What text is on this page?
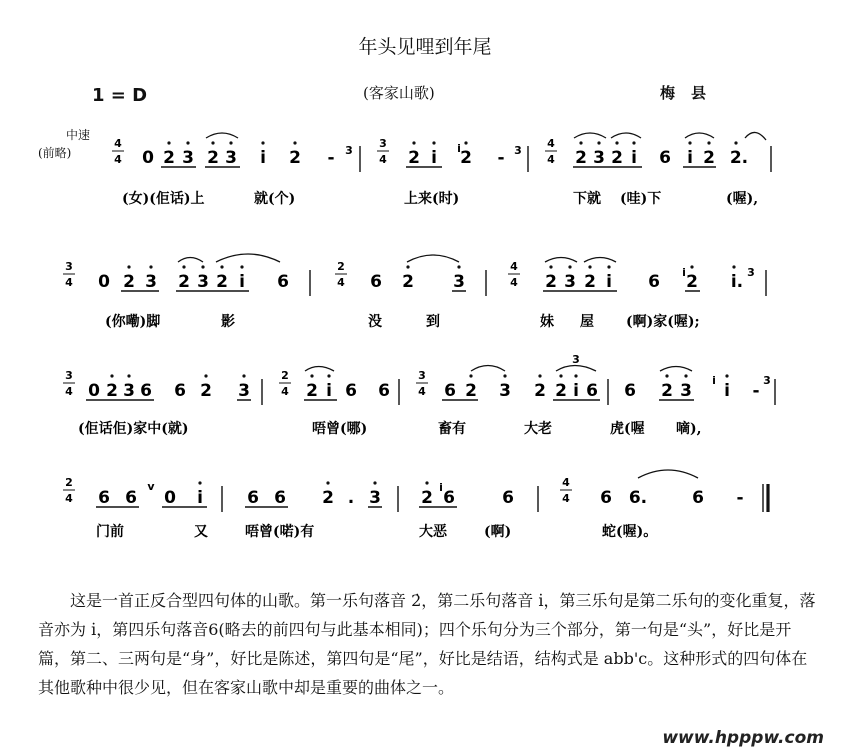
年头见哩到年尾
1 = D	(客家山歌)	梅县
中速
(前略)
4
4 0 2 3 2 3 i 2 - 3
3
4 2 i 2 -
i	3
4
4 2 3 2 i 6 i 2 2.
(女)(佢话)上	就(个)	上来(时)	下就 (哇)下	(喔),
3
4 0 2 3 2 3 2 i 6
2
4 6 2 3
4
4 2 3 2 i 6 2 i.
i	3
(你嘞)脚	影	没	到	妹 屋 (啊)家(喔);
3
4 0 2 3 6 6 2 3
2
4 2 i 6 6
3
4 6 2 3 2 2 i 6
3
6 2 3 i -
i	3
(佢话佢)家中(就)	唔曾(哪)	畜有	大老	虎(喔 嘀),
2
4 6 6
v
0 i	6 6 2 . 3 2 6	6
i	4
4 6 6.	6 -
门前	又	唔曾(喏)有	大恶	(啊)	蛇(喔)。
这是一首正反合型四句体的山歌。第一乐句落音 2̇，第二乐句落音 i̇，第三乐句是第二乐句的变化重复，落音亦为 i̇，第四乐句落音6(略去的前四句与此基本相同)；四个乐句分为三个部分，第一句是“头”，好比是开篇，第二、三两句是“身”，好比是陈述，第四句是“尾”，好比是结语，结构式是 abb'c。这种形式的四句体在其他歌种中很少见，但在客家山歌中却是重要的曲体之一。
www.hpppw.com
